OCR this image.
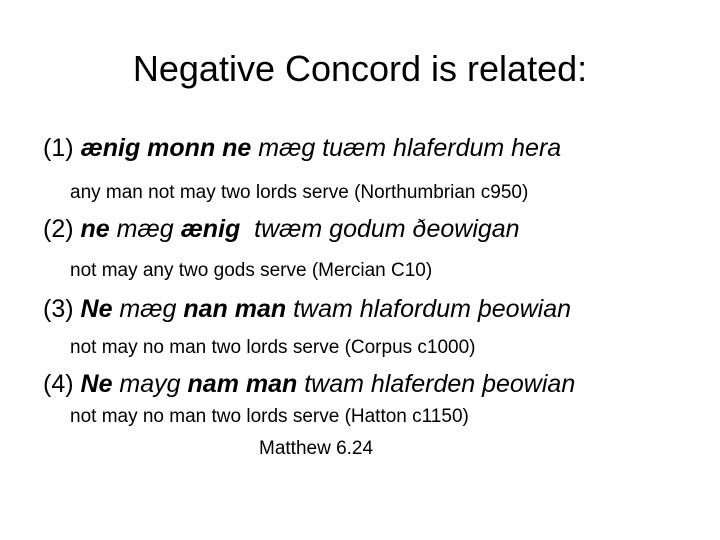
Negative Concord is related:
(1) ænig monn ne mæg tuæm hlaferdum hera
any man not may two lords serve (Northumbrian c950)
(2) ne mæg ænig  twæm godum ðeowigan
not may any two gods serve (Mercian C10)
(3) Ne mæg nan man twam hlafordum þeowian
not may no man two lords serve (Corpus c1000)
(4) Ne mayg nam man twam hlaferden þeowian
not may no man two lords serve (Hatton c1150)
Matthew 6.24
